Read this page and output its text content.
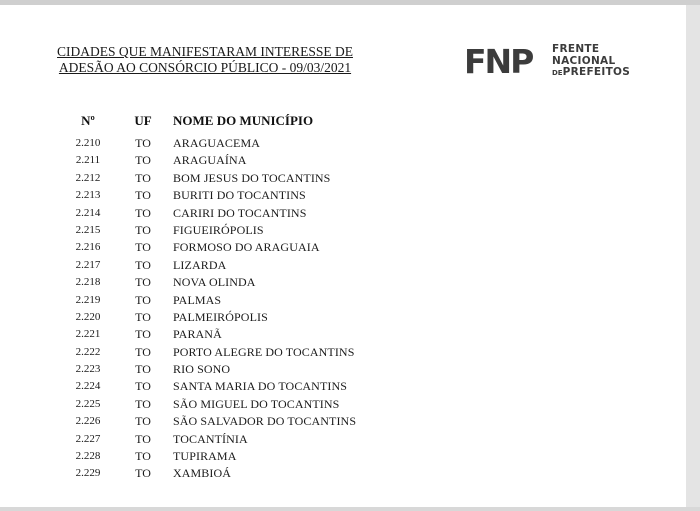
CIDADES QUE MANIFESTARAM INTERESSE DE
ADESÃO AO CONSÓRCIO PÚBLICO - 09/03/2021	FNP FRENTE
NACIONAL
DEPREFEITOS
Nº	UF	NOME DO MUNICÍPIO
2.210	TO	ARAGUACEMA
2.211	TO	ARAGUAÍNA
2.212	TO	BOM JESUS DO TOCANTINS
2.213	TO	BURITI DO TOCANTINS
2.214	TO	CARIRI DO TOCANTINS
2.215	TO	FIGUEIRÓPOLIS
2.216	TO	FORMOSO DO ARAGUAIA
2.217	TO	LIZARDA
2.218	TO	NOVA OLINDA
2.219	TO	PALMAS
2.220	TO	PALMEIRÓPOLIS
2.221	TO	PARANÃ
2.222	TO	PORTO ALEGRE DO TOCANTINS
2.223	TO	RIO SONO
2.224	TO	SANTA MARIA DO TOCANTINS
2.225	TO	SÃO MIGUEL DO TOCANTINS
2.226	TO	SÃO SALVADOR DO TOCANTINS
2.227	TO	TOCANTÍNIA
2.228	TO	TUPIRAMA
2.229	TO	XAMBIOÁ
